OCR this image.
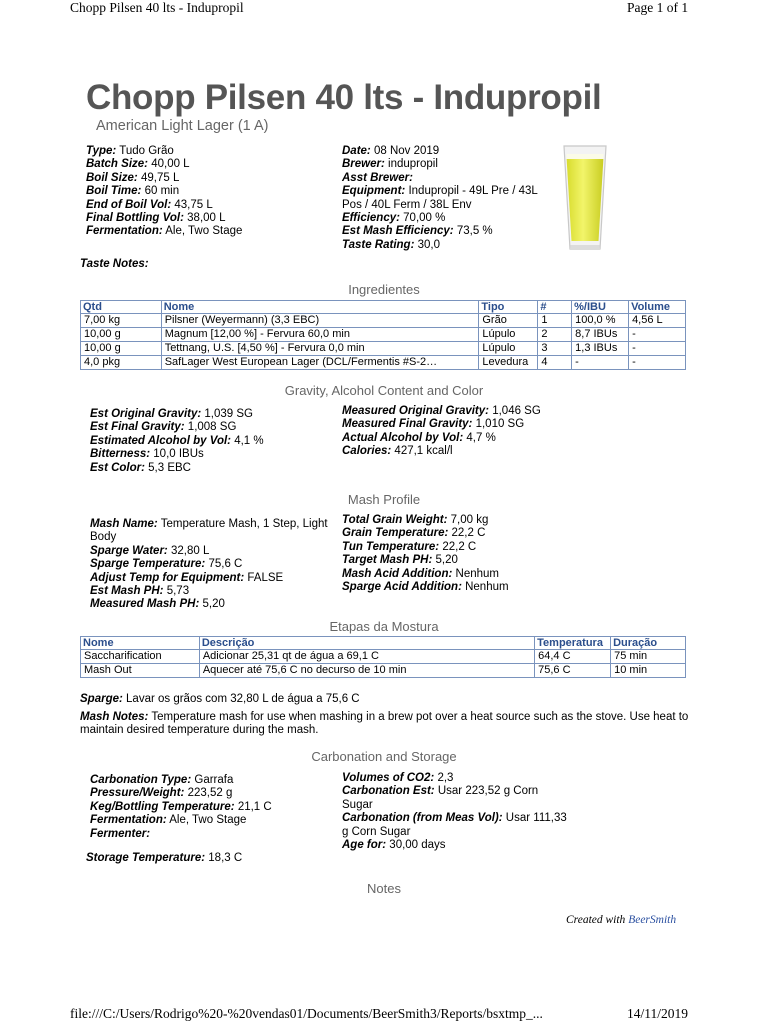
Chopp Pilsen 40 lts - Indupropil	Page 1 of 1
Chopp Pilsen 40 lts - Indupropil
American Light Lager (1 A)
Type: Tudo Grão
Batch Size: 40,00 L
Boil Size: 49,75 L
Boil Time: 60 min
End of Boil Vol: 43,75 L
Final Bottling Vol: 38,00 L
Fermentation: Ale, Two Stage
Date: 08 Nov 2019
Brewer: indupropil
Asst Brewer:
Equipment: Indupropil - 49L Pre / 43L Pos / 40L Ferm / 38L Env
Efficiency: 70,00 %
Est Mash Efficiency: 73,5 %
Taste Rating: 30,0
Taste Notes:
Ingredientes
Qtd	Nome	Tipo	#	%/IBU	Volume
7,00 kg	Pilsner (Weyermann) (3,3 EBC)	Grão	1	100,0 %	4,56 L
10,00 g	Magnum [12,00 %] - Fervura 60,0 min	Lúpulo	2	8,7 IBUs	-
10,00 g	Tettnang, U.S. [4,50 %] - Fervura 0,0 min	Lúpulo	3	1,3 IBUs	-
4,0 pkg	SafLager West European Lager (DCL/Fermentis #S-2…	Levedura	4	-	-
Gravity, Alcohol Content and Color
Est Original Gravity: 1,039 SG
Est Final Gravity: 1,008 SG
Estimated Alcohol by Vol: 4,1 %
Bitterness: 10,0 IBUs
Est Color: 5,3 EBC
Measured Original Gravity: 1,046 SG
Measured Final Gravity: 1,010 SG
Actual Alcohol by Vol: 4,7 %
Calories: 427,1 kcal/l
Mash Profile
Mash Name: Temperature Mash, 1 Step, Light Body
Sparge Water: 32,80 L
Sparge Temperature: 75,6 C
Adjust Temp for Equipment: FALSE
Est Mash PH: 5,73
Measured Mash PH: 5,20
Total Grain Weight: 7,00 kg
Grain Temperature: 22,2 C
Tun Temperature: 22,2 C
Target Mash PH: 5,20
Mash Acid Addition: Nenhum
Sparge Acid Addition: Nenhum
Etapas da Mostura
Nome	Descrição	Temperatura	Duração
Saccharification	Adicionar 25,31 qt de água a 69,1 C	64,4 C	75 min
Mash Out	Aquecer até 75,6 C no decurso de 10 min	75,6 C	10 min
Sparge: Lavar os grãos com 32,80 L de água a 75,6 C
Mash Notes: Temperature mash for use when mashing in a brew pot over a heat source such as the stove. Use heat to maintain desired temperature during the mash.
Carbonation and Storage
Carbonation Type: Garrafa
Pressure/Weight: 223,52 g
Keg/Bottling Temperature: 21,1 C
Fermentation: Ale, Two Stage
Fermenter:
Storage Temperature: 18,3 C
Volumes of CO2: 2,3
Carbonation Est: Usar 223,52 g Corn Sugar
Carbonation (from Meas Vol): Usar 111,33 g Corn Sugar
Age for: 30,00 days
Notes
Created with BeerSmith
file:///C:/Users/Rodrigo%20-%20vendas01/Documents/BeerSmith3/Reports/bsxtmp_...	14/11/2019
